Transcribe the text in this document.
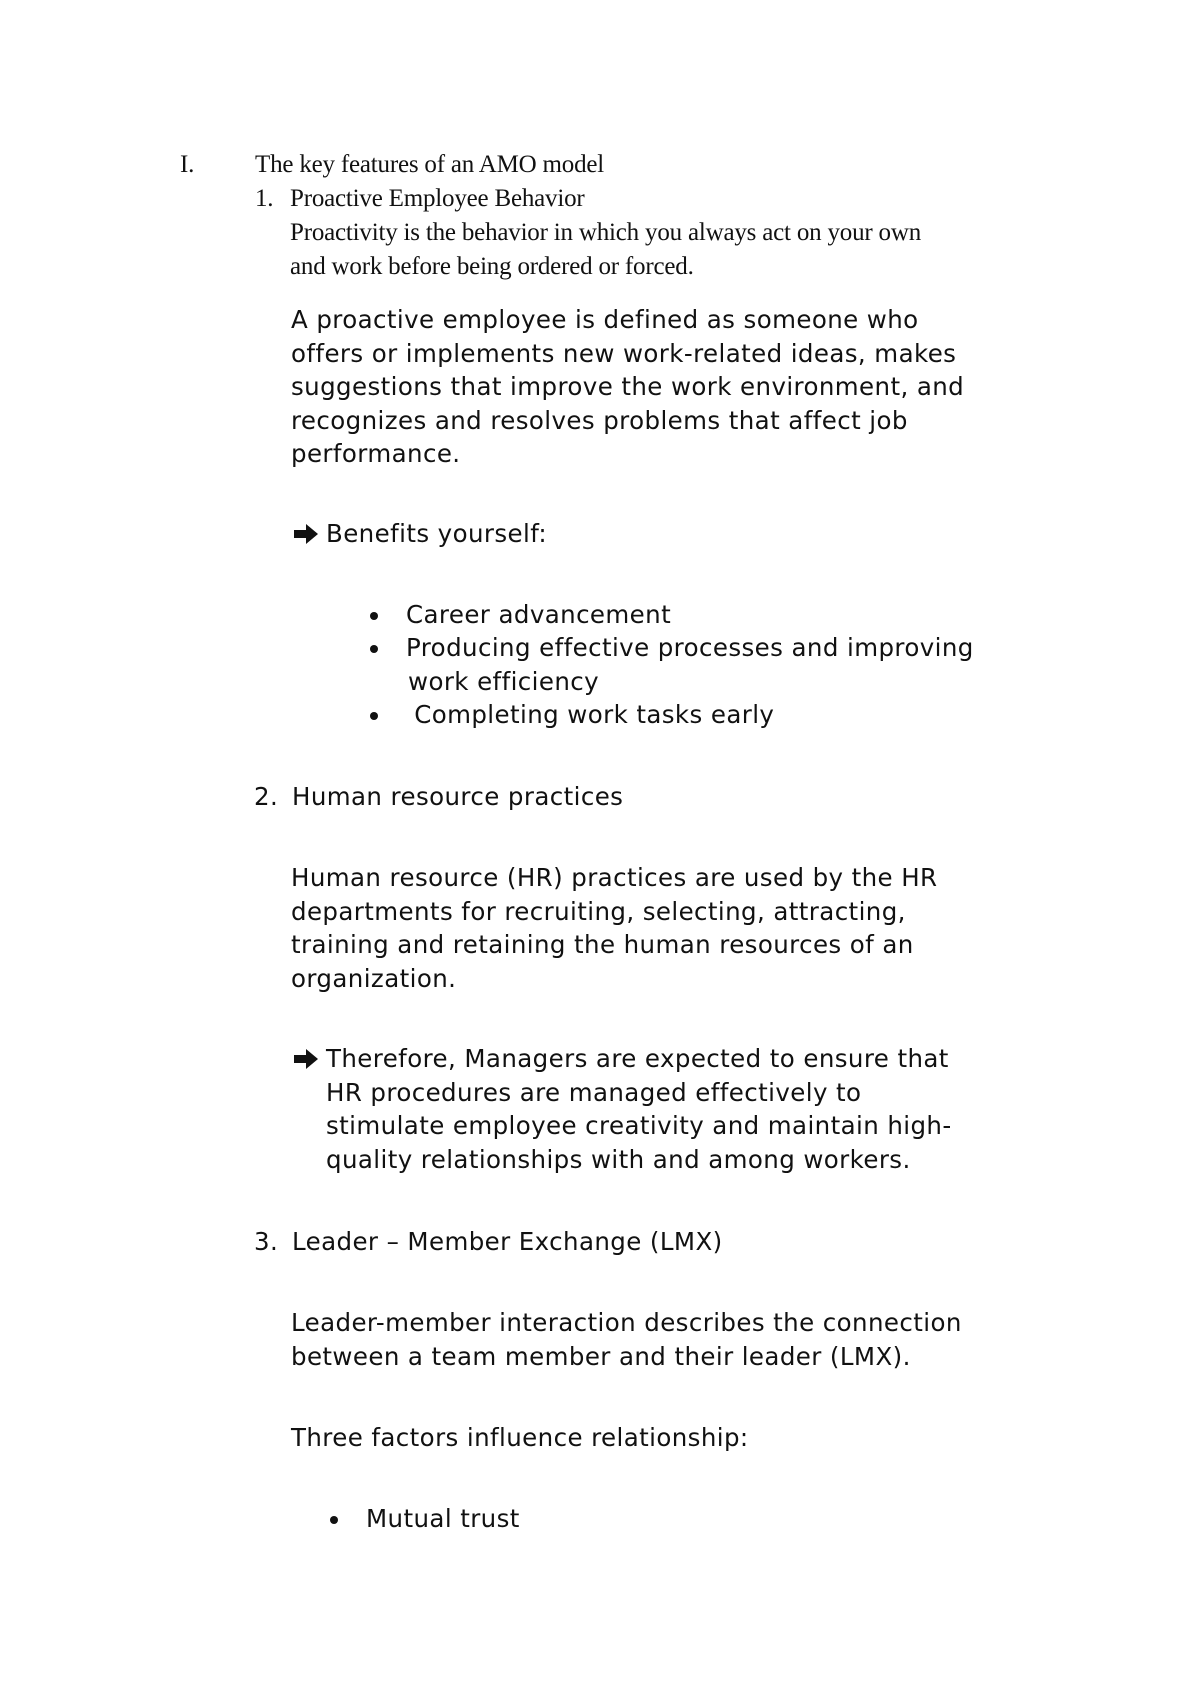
I. The key features of an AMO model
1. Proactive Employee Behavior
Proactivity is the behavior in which you always act on your own
and work before being ordered or forced.
A proactive employee is defined as someone who
offers or implements new work-related ideas, makes
suggestions that improve the work environment, and
recognizes and resolves problems that affect job
performance.
Benefits yourself:
Career advancement
Producing effective processes and improving
work efficiency
Completing work tasks early
2. Human resource practices
Human resource (HR) practices are used by the HR
departments for recruiting, selecting, attracting,
training and retaining the human resources of an
organization.
Therefore, Managers are expected to ensure that
HR procedures are managed effectively to
stimulate employee creativity and maintain high-
quality relationships with and among workers.
3. Leader – Member Exchange (LMX)
Leader-member interaction describes the connection
between a team member and their leader (LMX).
Three factors influence relationship:
Mutual trust
